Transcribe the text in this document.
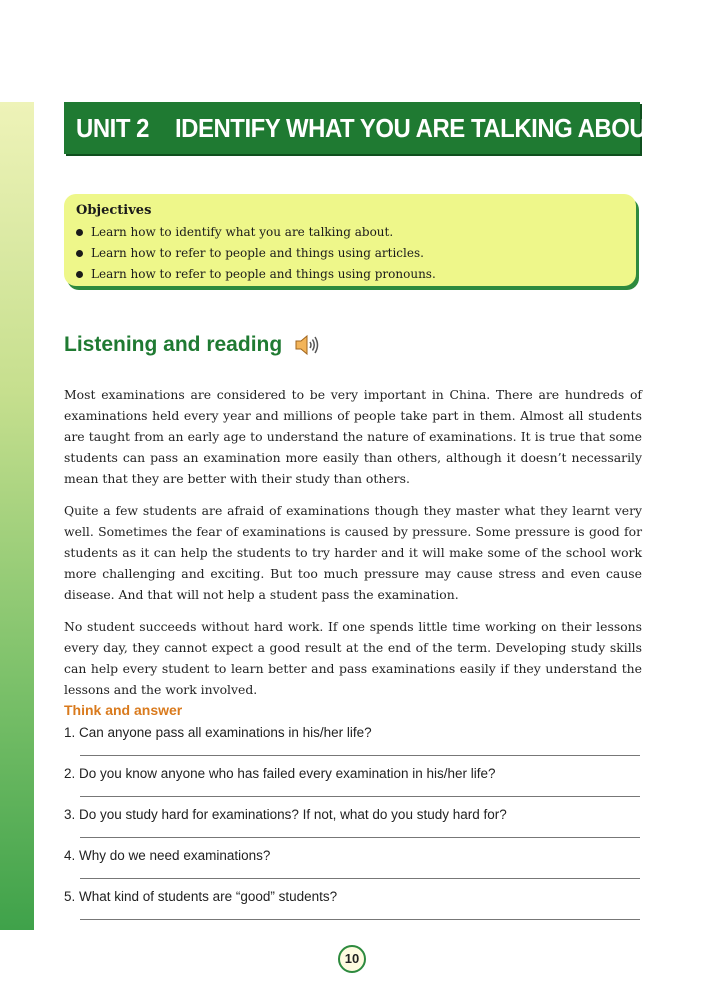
UNIT 2 IDENTIFY WHAT YOU ARE TALKING ABOUT
Objectives
Learn how to identify what you are talking about.
Learn how to refer to people and things using articles.
Learn how to refer to people and things using pronouns.
Listening and reading

Most examinations are considered to be very important in China. There are hundreds of examinations held every year and millions of people take part in them. Almost all students are taught from an early age to understand the nature of examinations. It is true that some students can pass an examination more easily than others, although it doesn’t necessarily mean that they are better with their study than others.

Quite a few students are afraid of examinations though they master what they learnt very well. Sometimes the fear of examinations is caused by pressure. Some pressure is good for students as it can help the students to try harder and it will make some of the school work more challenging and exciting. But too much pressure may cause stress and even cause disease. And that will not help a student pass the examination.

No student succeeds without hard work. If one spends little time working on their lessons every day, they cannot expect a good result at the end of the term. Developing study skills can help every student to learn better and pass examinations easily if they understand the lessons and the work involved.

Think and answer
1. Can anyone pass all examinations in his/her life?
2. Do you know anyone who has failed every examination in his/her life?
3. Do you study hard for examinations? If not, what do you study hard for?
4. Why do we need examinations?
5. What kind of students are “good” students?
10
